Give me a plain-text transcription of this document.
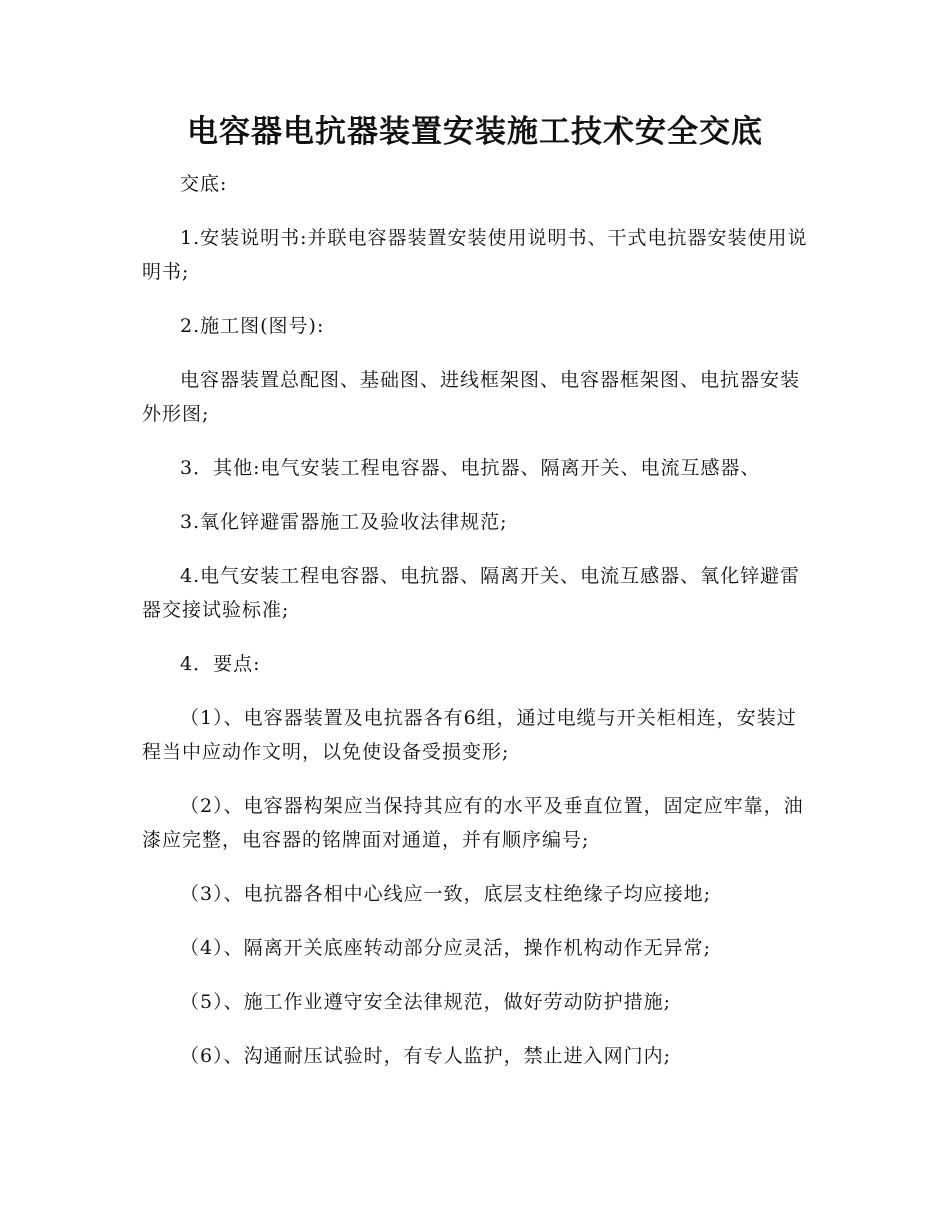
电容器电抗器装置安装施工技术安全交底

交底:

1.安装说明书:并联电容器装置安装使用说明书、干式电抗器安装使用说明书;

2.施工图(图号):

电容器装置总配图、基础图、进线框架图、电容器框架图、电抗器安装外形图;

3．其他:电气安装工程电容器、电抗器、隔离开关、电流互感器、

3.氧化锌避雷器施工及验收法律规范;

4.电气安装工程电容器、电抗器、隔离开关、电流互感器、氧化锌避雷器交接试验标准;

4．要点:

（1）、电容器装置及电抗器各有6组，通过电缆与开关柜相连，安装过程当中应动作文明，以免使设备受损变形;

（2）、电容器构架应当保持其应有的水平及垂直位置，固定应牢靠，油漆应完整，电容器的铭牌面对通道，并有顺序编号;

（3）、电抗器各相中心线应一致，底层支柱绝缘子均应接地;

（4）、隔离开关底座转动部分应灵活，操作机构动作无异常;

（5）、施工作业遵守安全法律规范，做好劳动防护措施;

（6）、沟通耐压试验时，有专人监护，禁止进入网门内;
